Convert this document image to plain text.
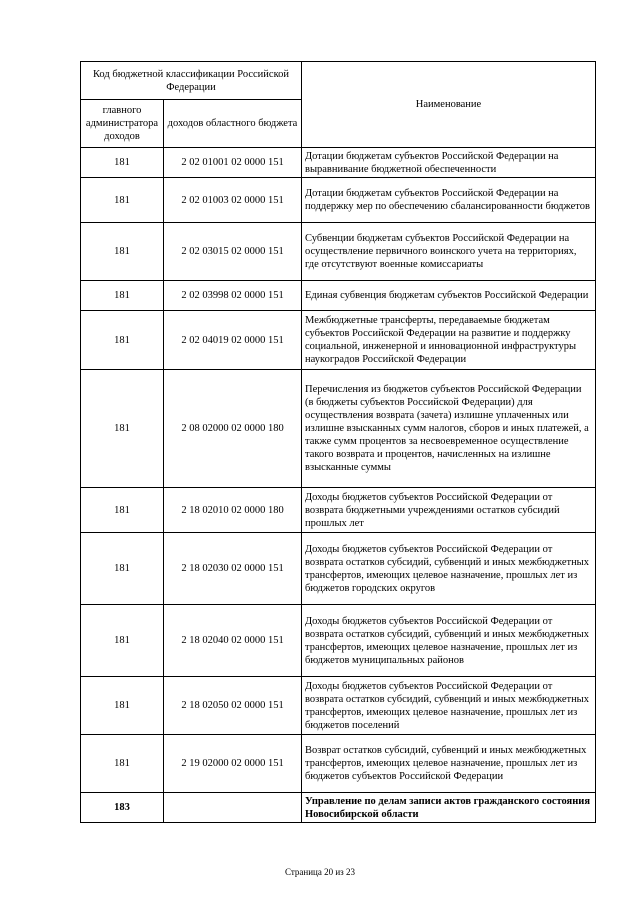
Код бюджетной классификации Российской Федерации		Наименование
главного администратора доходов	доходов областного бюджета	
181	2 02 01001 02 0000 151	Дотации бюджетам субъектов Российской Федерации на выравнивание бюджетной обеспеченности
181	2 02 01003 02 0000 151	Дотации бюджетам субъектов Российской Федерации на поддержку мер по обеспечению сбалансированности бюджетов
181	2 02 03015 02 0000 151	Субвенции бюджетам субъектов Российской Федерации на осуществление первичного воинского учета на территориях, где отсутствуют военные комиссариаты
181	2 02 03998 02 0000 151	Единая субвенция бюджетам субъектов Российской Федерации
181	2 02 04019 02 0000 151	Межбюджетные трансферты, передаваемые бюджетам субъектов Российской Федерации на развитие и поддержку социальной, инженерной и инновационной инфраструктуры наукоградов Российской Федерации
181	2 08 02000 02 0000 180	Перечисления из бюджетов субъектов Российской Федерации (в бюджеты субъектов Российской Федерации) для осуществления возврата (зачета) излишне уплаченных или излишне взысканных сумм налогов, сборов и иных платежей, а также сумм процентов за несвоевременное осуществление такого возврата и процентов, начисленных на излишне взысканные суммы
181	2 18 02010 02 0000 180	Доходы бюджетов субъектов Российской Федерации от возврата бюджетными учреждениями остатков субсидий прошлых лет
181	2 18 02030 02 0000 151	Доходы бюджетов субъектов Российской Федерации от возврата остатков субсидий, субвенций и иных межбюджетных трансфертов, имеющих целевое назначение, прошлых лет из бюджетов городских округов
181	2 18 02040 02 0000 151	Доходы бюджетов субъектов Российской Федерации от возврата остатков субсидий, субвенций и иных межбюджетных трансфертов, имеющих целевое назначение, прошлых лет из бюджетов муниципальных районов
181	2 18 02050 02 0000 151	Доходы бюджетов субъектов Российской Федерации от возврата остатков субсидий, субвенций и иных межбюджетных трансфертов, имеющих целевое назначение, прошлых лет из бюджетов поселений
181	2 19 02000 02 0000 151	Возврат остатков субсидий, субвенций и иных межбюджетных трансфертов, имеющих целевое назначение, прошлых лет из бюджетов субъектов Российской Федерации
183		Управление по делам записи актов гражданского состояния Новосибирской области
Страница 20 из 23
